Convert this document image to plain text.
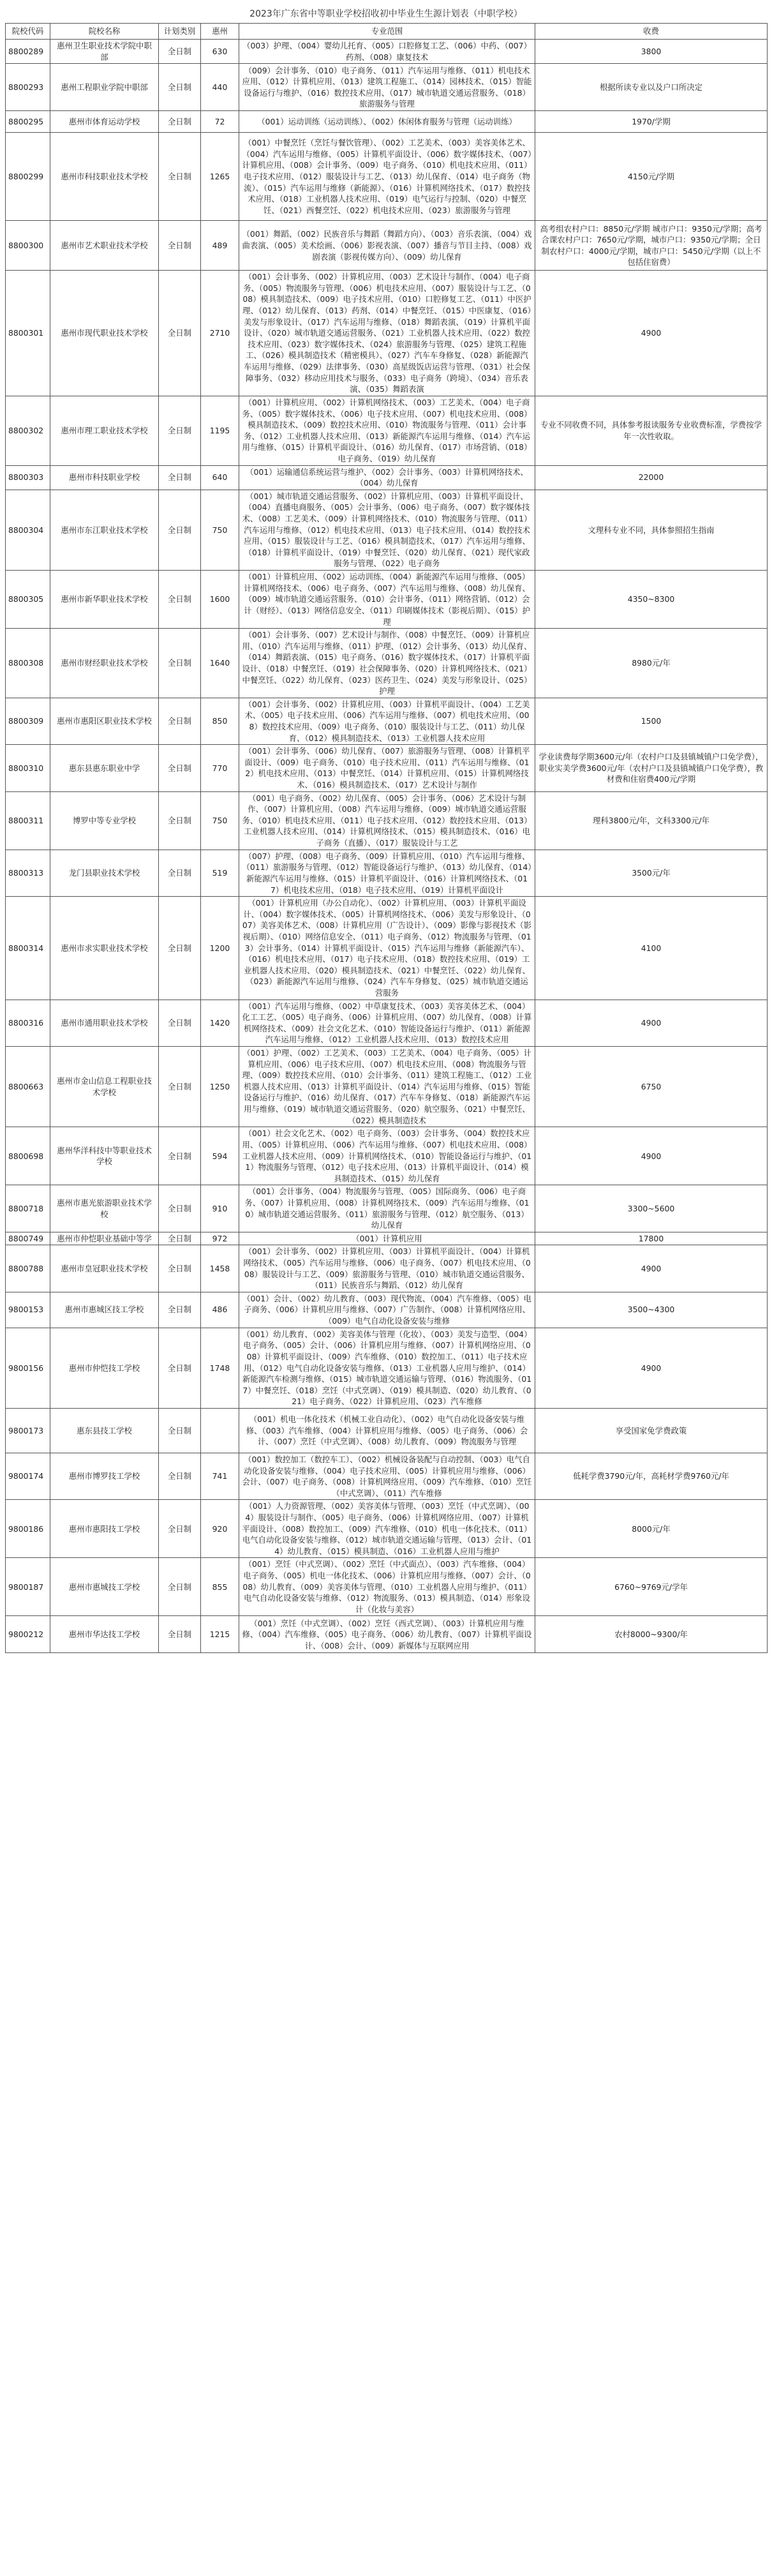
2023年广东省中等职业学校招收初中毕业生生源计划表（中职学校）
院校代码	院校名称	计划类别	惠州	专业范围	收费
8800289	惠州卫生职业技术学院中职部	全日制	630	（003）护理、（004）婴幼儿托育、（005）口腔修复工艺、（006）中药、（007）药剂、（008）康复技术	3800
8800293	惠州工程职业学院中职部	全日制	440	（009）会计事务、（010）电子商务、（011）汽车运用与维修、（011）机电技术应用、（012）计算机应用、（013）建筑工程施工、（014）园林技术、（015）智能设备运行与维护、（016）数控技术应用、（017）城市轨道交通运营服务、（018）旅游服务与管理	根据所读专业以及户口所决定
8800295	惠州市体育运动学校	全日制	72	（001）运动训练（运动训练）、（002）休闲体育服务与管理（运动训练）	1970/学期
8800299	惠州市科技职业技术学校	全日制	1265	（001）中餐烹饪（烹饪与餐饮管理）、（002）工艺美术、（003）美容美体艺术、（004）汽车运用与维修、（005）计算机平面设计、（006）数字媒体技术、（007）计算机应用、（008）会计事务、（009）电子商务、（010）机电技术应用、（011）电子技术应用、（012）服装设计与工艺、（013）幼儿保育、（014）电子商务（物流）、（015）汽车运用与维修（新能源）、（016）计算机网络技术、（017）数控技术应用、（018）工业机器人技术应用、（019）电气运行与控制、（020）中餐烹饪、（021）西餐烹饪、（022）机电技术应用、（023）旅游服务与管理	4150元/学期
8800300	惠州市艺术职业技术学校	全日制	489	（001）舞蹈、（002）民族音乐与舞蹈（舞蹈方向）、（003）音乐表演、（004）戏曲表演、（005）美术绘画、（006）影视表演、（007）播音与节目主持、（008）戏剧表演（影视传媒方向）、（009）幼儿保育	高考组农村户口：8850元/学期 城市户口：9350元/学期；高考合课农村户口：7650元/学期，城市户口：9350元/学期；全日制农村户口：4000元/学期，城市户口：5450元/学期（以上不包括住宿费）
8800301	惠州市现代职业技术学校	全日制	2710	（001）会计事务、（002）计算机应用、（003）艺术设计与制作、（004）电子商务、（005）物流服务与管理、（006）机电技术应用、（007）服装设计与工艺、（008）模具制造技术、（009）电子技术应用、（010）口腔修复工艺、（011）中医护理、（012）幼儿保育、（013）药剂、（014）中餐烹饪、（015）中医康复、（016）美发与形象设计、（017）汽车运用与维修、（018）舞蹈表演、（019）计算机平面设计、（020）城市轨道交通运营服务、（021）工业机器人技术应用、（022）数控技术应用、（023）数字媒体技术、（024）旅游服务与管理、（025）建筑工程施工、（026）模具制造技术（精密模具）、（027）汽车车身修复、（028）新能源汽车运用与维修、（029）法律事务、（030）高星级饭店运营与管理、（031）社会保障事务、（032）移动应用技术与服务、（033）电子商务（跨境）、（034）音乐表演、（035）舞蹈表演	4900
8800302	惠州市理工职业技术学校	全日制	1195	（001）计算机应用、（002）计算机网络技术、（003）工艺美术、（004）电子商务、（005）数字媒体技术、（006）电子技术应用、（007）机电技术应用、（008）模具制造技术、（009）数控技术应用、（010）物流服务与管理、（011）会计事务、（012）工业机器人技术应用、（013）新能源汽车运用与维修、（014）汽车运用与维修、（015）计算机平面设计、（016）幼儿保育、（017）市场营销、（018）电子商务、（019）幼儿保育	专业不同收费不同，具体参考报读服务专业收费标准，学费按学年一次性收取。
8800303	惠州市科技职业学校	全日制	640	（001）运输通信系统运营与维护、（002）会计事务、（003）计算机网络技术、（004）幼儿保育	22000
8800304	惠州市东江职业技术学校	全日制	750	（001）城市轨道交通运营服务、（002）计算机应用、（003）计算机平面设计、（004）直播电商服务、（005）会计事务、（006）电子商务、（007）数字媒体技术、（008）工艺美术、（009）计算机网络技术、（010）物流服务与管理、（011）汽车运用与维修、（012）机电技术应用、（013）电子技术应用、（014）数控技术应用、（015）服装设计与工艺、（016）模具制造技术、（017）汽车运用与维修、（018）计算机平面设计、（019）中餐烹饪、（020）幼儿保育、（021）现代家政服务与管理、（022）电子商务	文理科专业不同，具体参照招生指南
8800305	惠州市新华职业技术学校	全日制	1600	（001）计算机应用、（002）运动训练、（004）新能源汽车运用与维修、（005）计算机网络技术、（006）电子商务、（007）汽车运用与维修、（008）幼儿保育、（009）城市轨道交通运营服务、（010）会计事务、（011）网络营销、（012）会计（财经）、（013）网络信息安全、（011）印刷媒体技术（影视后期）、（015）护理	4350~8300
8800308	惠州市财经职业技术学校	全日制	1640	（001）会计事务、（007）艺术设计与制作、（008）中餐烹饪、（009）计算机应用、（010）汽车运用与维修、（011）护理、（012）会计事务、（013）幼儿保育、（014）舞蹈表演、（015）电子商务、（016）数字媒体技术、（017）计算机平面设计、（018）中餐烹饪、（019）社会保障事务、（020）计算机网络技术、（021）中餐烹饪、（022）幼儿保育、（023）医药卫生、（024）美发与形象设计、（025）护理	8980元/年
8800309	惠州市惠阳区职业技术学校	全日制	850	（001）会计事务、（002）计算机应用、（003）计算机平面设计、（004）工艺美术、（005）电子技术应用、（006）汽车运用与维修、（007）机电技术应用、（008）数控技术应用、（009）电子商务、（010）服装设计与工艺、（011）幼儿保育、（012）模具制造技术、（013）工业机器人技术应用	1500
8800310	惠东县惠东职业中学	全日制	770	（001）会计事务、（006）幼儿保育、（007）旅游服务与管理、（008）计算机平面设计、（009）电子商务、（010）电子技术应用、（011）汽车运用与维修、（012）机电技术应用、（013）中餐烹饪、（014）计算机应用、（015）计算机网络技术、（016）模具制造技术、（017）艺术设计与制作	学业读费每学期3600元/年（农村户口及县镇城镇户口免学费），职业实美学费3600元/年（农村户口及县镇城镇户口免学费），教材费和住宿费400元/学期
8800311	博罗中等专业学校	全日制	750	（001）电子商务、（002）幼儿保育、（005）会计事务、（006）艺术设计与制作、（007）计算机应用、（008）汽车运用与维修、（009）城市轨道交通运营服务、（010）机电技术应用、（011）电子技术应用、（012）数控技术应用、（013）工业机器人技术应用、（014）计算机网络技术、（015）模具制造技术、（016）电子商务（直播）、（017）服装设计与工艺	理科3800元/年，文科3300元/年
8800313	龙门县职业技术学校	全日制	519	（007）护理、（008）电子商务、（009）计算机应用、（010）汽车运用与维修、（011）旅游服务与管理、（012）智能设备运行与维护、（013）幼儿保育、（014）新能源汽车运用与维修、（015）计算机平面设计、（016）计算机网络技术、（017）机电技术应用、（018）电子技术应用、（019）计算机平面设计	3500元/年
8800314	惠州市求实职业技术学校	全日制	1200	（001）计算机应用（办公自动化）、（002）计算机应用、（003）计算机平面设计、（004）数字媒体技术、（005）计算机网络技术、（006）美发与形象设计、（007）美容美体艺术、（008）计算机应用（广告设计）、（009）影像与影视技术（影视后期）、（010）网络信息安全、（011）电子商务、（012）物流服务与管理、（013）会计事务、（014）计算机平面设计、（015）汽车运用与维修（新能源汽车）、（016）机电技术应用、（017）电子技术应用、（018）数控技术应用、（019）工业机器人技术应用、（020）模具制造技术、（021）中餐烹饪、（022）幼儿保育、（023）新能源汽车运用与维修、（024）汽车车身修复、（025）城市轨道交通运营服务	4100
8800316	惠州市通用职业技术学校	全日制	1420	（001）汽车运用与维修、（002）中草康复技术、（003）美容美体艺术、（004）化工工艺、（005）电子商务、（006）计算机应用、（007）幼儿保育、（008）计算机网络技术、（009）社会文化艺术、（010）智能设备运行与维护、（011）新能源汽车运用与维修、（012）工业机器人技术应用、（013）数控技术应用	4900
8800663	惠州市金山信息工程职业技术学校	全日制	1250	（001）护理、（002）工艺美术、（003）工艺美术、（004）电子商务、（005）计算机应用、（006）电子技术应用、（007）机电技术应用、（008）物流服务与管理、（009）数控技术应用、（010）会计事务、（011）建筑工程施工、（012）工业机器人技术应用、（013）计算机平面设计、（014）汽车运用与维修、（015）智能设备运行与维护、（016）幼儿保育、（017）汽车车身修复、（018）新能源汽车运用与维修、（019）城市轨道交通运营服务、（020）航空服务、（021）中餐烹饪、（022）模具制造技术	6750
8800698	惠州华洋科技中等职业技术学校	全日制	594	（001）社会文化艺术、（002）电子商务、（003）会计事务、（004）数控技术应用、（005）计算机应用、（006）汽车运用与维修、（007）机电技术应用、（008）工业机器人技术应用、（009）计算机网络技术、（010）智能设备运行与维护、（011）物流服务与管理、（012）电子技术应用、（013）计算机平面设计、（014）模具制造技术、（015）幼儿保育	4900
8800718	惠州市惠光旅游职业技术学校	全日制	910	（001）会计事务、（004）物流服务与管理、（005）国际商务、（006）电子商务、（007）计算机应用、（008）计算机网络技术、（009）汽车运用与维修、（010）城市轨道交通运营服务、（011）旅游服务与管理、（012）航空服务、（013）幼儿保育	3300~5600
8800749	惠州市仲恺职业基础中等学	全日制	972	（001）计算机应用	17800
8800788	惠州市皇冠职业技术学校	全日制	1458	（001）会计事务、（002）计算机应用、（003）计算机平面设计、（004）计算机网络技术、（005）汽车运用与维修、（006）电子商务、（007）机电技术应用、（008）服装设计与工艺、（009）旅游服务与管理、（010）城市轨道交通运营服务、（011）民族音乐与舞蹈、（012）幼儿保育	4900
9800153	惠州市惠城区技工学校	全日制	486	（001）会计、（002）幼儿教育、（003）现代物流、（004）汽车维修、（005）电子商务、（006）计算机应用与维修、（007）广告制作、（008）计算机网络应用、（009）电气自动化设备安装与维修	3500~4300
9800156	惠州市仲恺技工学校	全日制	1748	（001）幼儿教育、（002）美容美体与管理（化妆）、（003）美发与造型、（004）电子商务、（005）会计、（006）计算机应用与维修、（007）计算机网络应用、（008）计算机平面设计、（009）汽车维修、（010）数控加工、（011）电子技术应用、（012）电气自动化设备安装与维修、（013）工业机器人应用与维护、（014）新能源汽车检测与维修、（015）城市轨道交通运输与管理、（016）物流服务、（017）中餐烹饪、（018）烹饪（中式烹调）、（019）模具制造、（020）幼儿教育、（021）电子商务、（022）计算机应用、（023）汽车维修	4900
9800173	惠东县技工学校	全日制		（001）机电一体化技术（机械工业自动化）、（002）电气自动化设备安装与维修、（003）汽车维修、（004）计算机应用与维修、（005）电子商务、（006）会计、（007）烹饪（中式烹调）、（008）幼儿教育、（009）物流服务与管理	享受国家免学费政策
9800174	惠州市博罗技工学校	全日制	741	（001）数控加工（数控车工）、（002）机械设备装配与自动控制、（003）电气自动化设备安装与维修、（004）电子技术应用、（005）计算机应用与维修、（006）会计、（007）电子商务、（008）计算机网络应用、（009）汽车维修、（010）烹饪（中式烹调）、（011）汽车维修	低耗学费3790元/年，高耗材学费9760元/年
9800186	惠州市惠阳技工学校	全日制	920	（001）人力资源管理、（002）美容美体与管理、（003）烹饪（中式烹调）、（004）服装设计与制作、（005）电子商务、（006）计算机网络应用、（007）计算机平面设计、（008）数控加工、（009）汽车维修、（010）机电一体化技术、（011）电气自动化设备安装与维修、（012）城市轨道交通运输与管理、（013）会计、（014）幼儿教育、（015）模具制造、（016）工业机器人应用与维护	8000元/年
9800187	惠州市惠城技工学校	全日制	855	（001）烹饪（中式烹调）、（002）烹饪（中式面点）、（003）汽车维修、（004）电子商务、（005）机电一体化技术、（006）计算机应用与维修、（007）会计、（008）幼儿教育、（009）美容美体与管理、（010）工业机器人应用与维护、（011）电气自动化设备安装与维修、（012）物流服务、（013）模具制造、（014）形象设计（化妆与美容）	6760~9769元/学年
9800212	惠州市华达技工学校	全日制	1215	（001）烹饪（中式烹调）、（002）烹饪（西式烹调）、（003）计算机应用与维修、（004）汽车维修、（005）电子商务、（006）幼儿教育、（007）计算机平面设计、（008）会计、（009）新媒体与互联网应用	农村8000~9300/年
